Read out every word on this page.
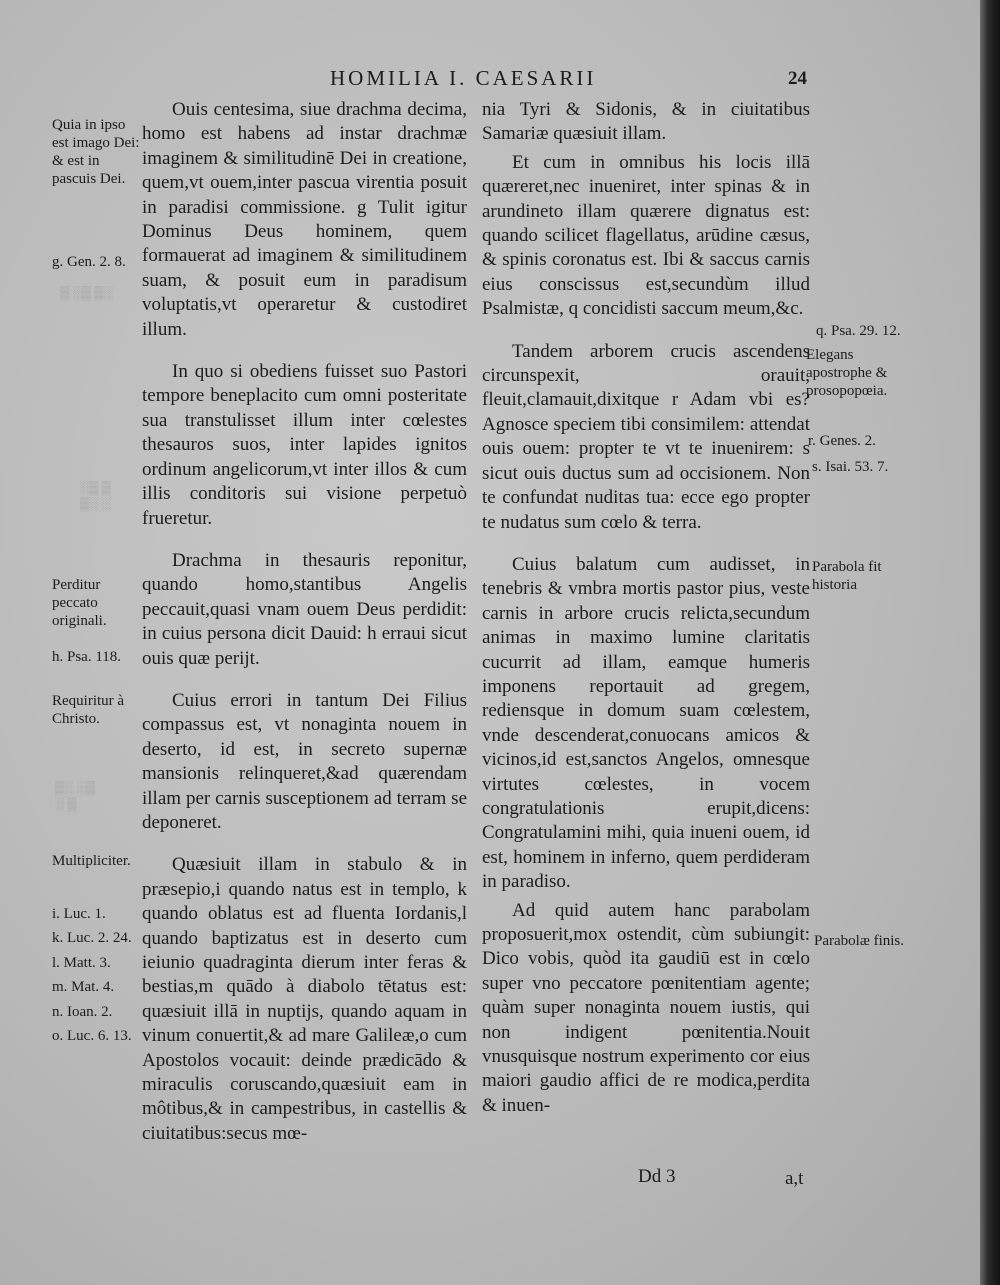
HOMILIA I. CAESARII	24
▒ ░▒ ▒░
░▒ ▒
▒░ ░
▒░ ░▒
░ ▒
Quia in ipso est imago Dei: & est in pascuis Dei.
g. Gen. 2. 8.
Perditur peccato originali.
h. Psa. 118.
Requiritur à Christo.
Multipliciter.
i. Luc. 1.
k. Luc. 2. 24.
l. Matt. 3.
m. Mat. 4.
n. Ioan. 2.
o. Luc. 6. 13.
q. Psa. 29. 12.
Elegans apostrophe & prosopopœia.
r. Genes. 2.
s. Isai. 53. 7.
Parabola fit historia
Parabolæ finis.

Ouis centesima, siue drachma decima, homo est habens ad instar drachmæ imaginem & similitudinē Dei in creatione, quem,vt ouem,inter pascua virentia posuit in paradisi commissione. g Tulit igitur Dominus Deus hominem, quem formauerat ad imaginem & similitudinem suam, & posuit eum in paradisum voluptatis,vt operaretur & custodiret illum.

In quo si obediens fuisset suo Pastori tempore beneplacito cum omni posteritate sua transtulisset illum inter cœlestes thesauros suos, inter lapides ignitos ordinum angelicorum,vt inter illos & cum illis conditoris sui visione perpetuò frueretur.

Drachma in thesauris reponitur, quando homo,stantibus Angelis peccauit,quasi vnam ouem Deus perdidit: in cuius persona dicit Dauid: h erraui sicut ouis quæ perijt.

Cuius errori in tantum Dei Filius compassus est, vt nonaginta nouem in deserto, id est, in secreto supernæ mansionis relinqueret,&ad quærendam illam per carnis susceptionem ad terram se deponeret.

Quæsiuit illam in stabulo & in præsepio,i quando natus est in templo, k quando oblatus est ad fluenta Iordanis,l quando baptizatus est in deserto cum ieiunio quadraginta dierum inter feras & bestias,m quādo à diabolo tētatus est: quæsiuit illā in nuptijs, quando aquam in vinum conuertit,& ad mare Galileæ,o cum Apostolos vocauit: deinde prædicādo & miraculis coruscando,quæsiuit eam in môtibus,& in campestribus, in castellis & ciuitatibus:secus mœ-

nia Tyri & Sidonis, & in ciuitatibus Samariæ quæsiuit illam.

Et cum in omnibus his locis illā quæreret,nec inueniret, inter spinas & in arundineto illam quærere dignatus est: quando scilicet flagellatus, arūdine cæsus, & spinis coronatus est. Ibi & saccus carnis eius conscissus est,secundùm illud Psalmistæ, q concidisti saccum meum,&c.

Tandem arborem crucis ascendens circunspexit, orauit, fleuit,clamauit,dixitque r Adam vbi es? Agnosce speciem tibi consimilem: attendat ouis ouem: propter te vt te inuenirem: s sicut ouis ductus sum ad occisionem. Non te confundat nuditas tua: ecce ego propter te nudatus sum cœlo & terra.

Cuius balatum cum audisset, in tenebris & vmbra mortis pastor pius, veste carnis in arbore crucis relicta,secundum animas in maximo lumine claritatis cucurrit ad illam, eamque humeris imponens reportauit ad gregem, rediensque in domum suam cœlestem, vnde descenderat,conuocans amicos & vicinos,id est,sanctos Angelos, omnesque virtutes cœlestes, in vocem congratulationis erupit,dicens: Congratulamini mihi, quia inueni ouem, id est, hominem in inferno, quem perdideram in paradiso.

Ad quid autem hanc parabolam proposuerit,mox ostendit, cùm subiungit: Dico vobis, quòd ita gaudiū est in cœlo super vno peccatore pœnitentiam agente; quàm super nonaginta nouem iustis, qui non indigent pœnitentia.Nouit vnusquisque nostrum experimento cor eius maiori gaudio affici de re modica,perdita & inuen-

Dd 3	a,t
